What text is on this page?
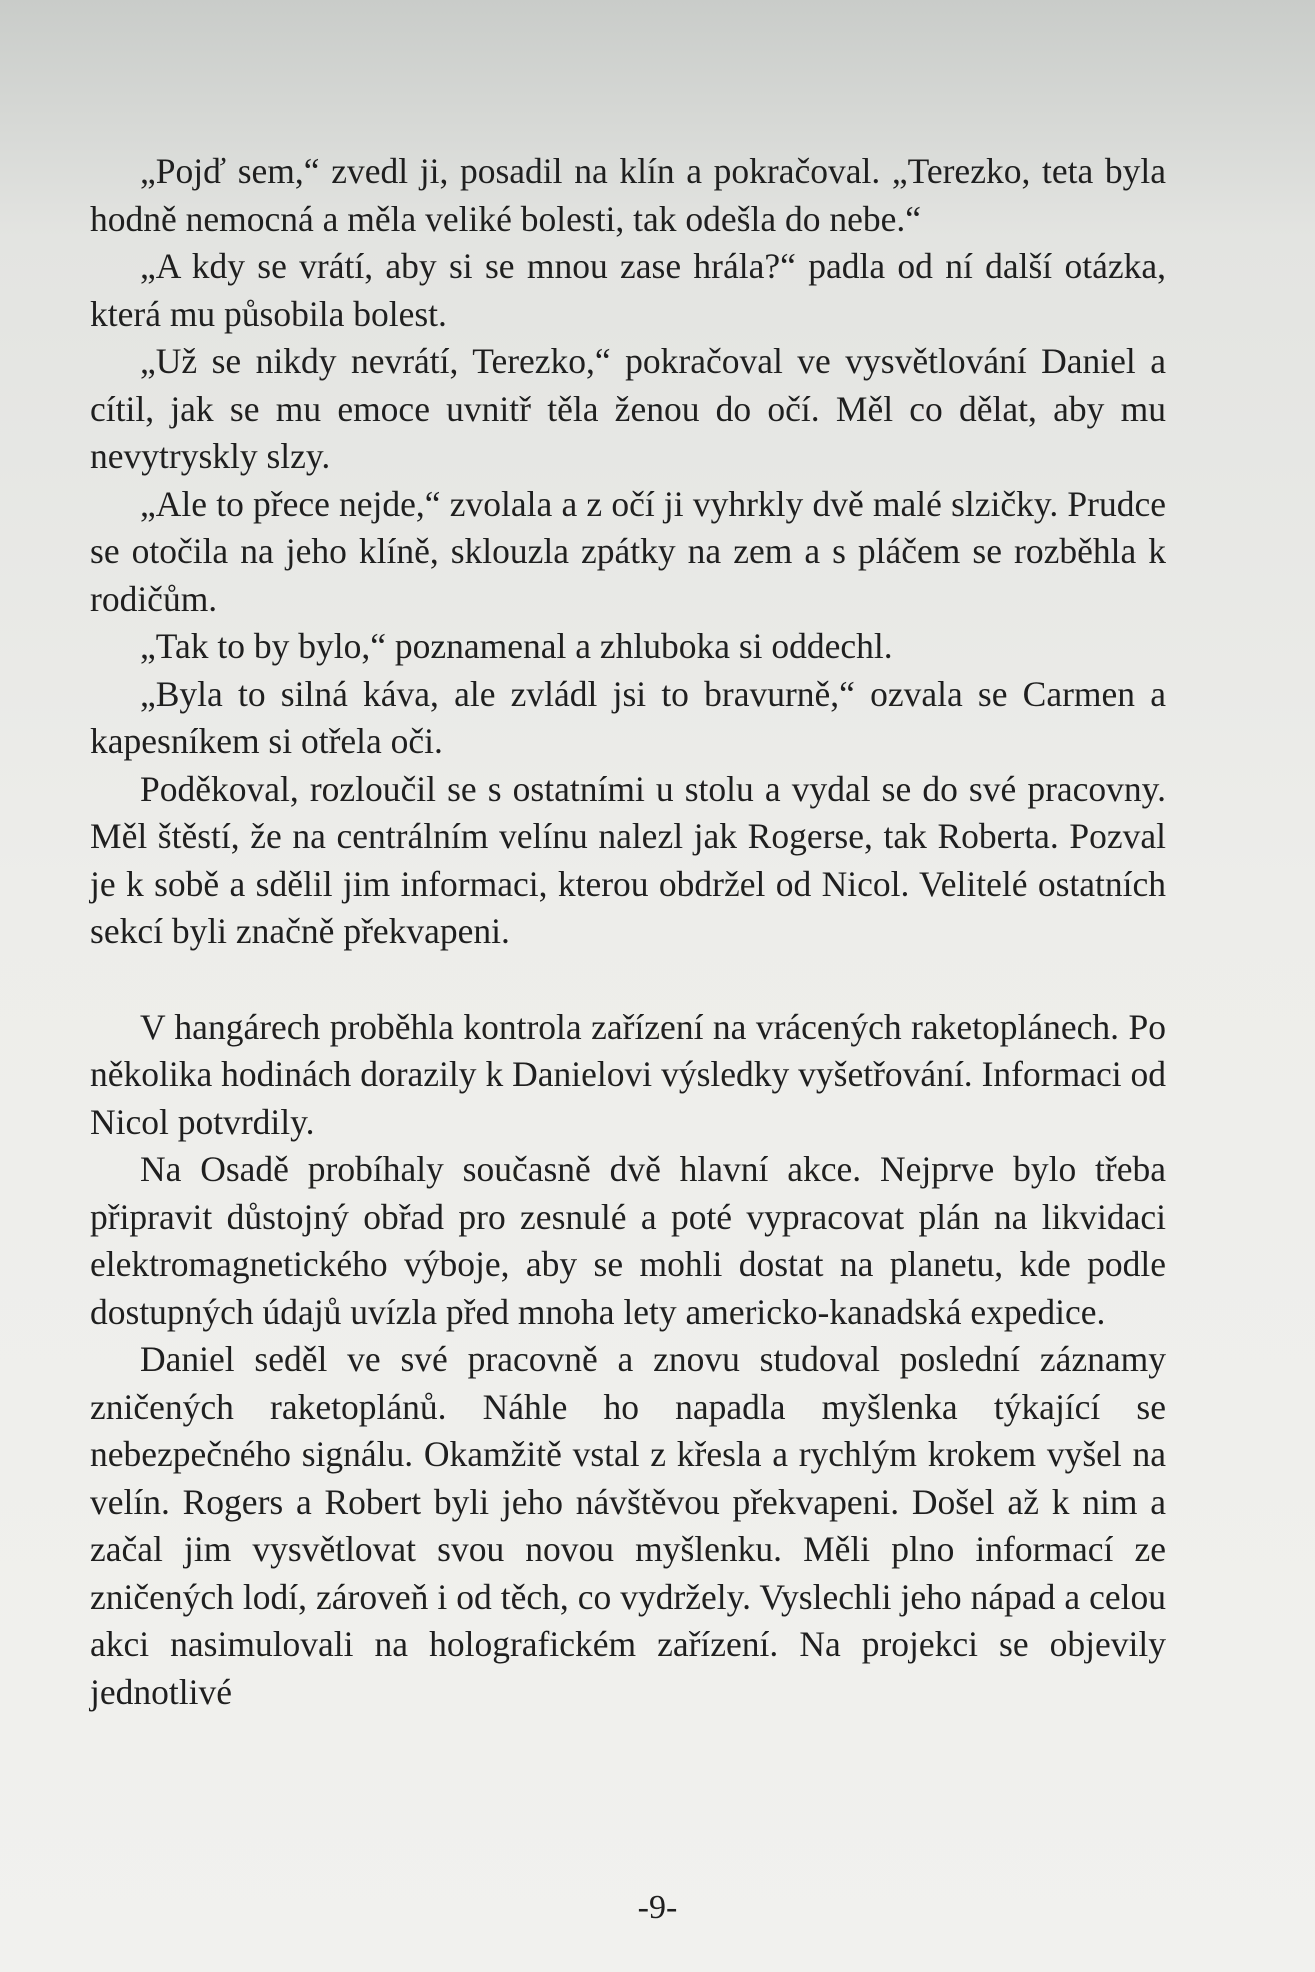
„Pojď sem,“ zvedl ji, posadil na klín a pokračoval. „Terezko, teta byla hodně nemocná a měla veliké bolesti, tak odešla do nebe.“

„A kdy se vrátí, aby si se mnou zase hrála?“ padla od ní další otázka, která mu působila bolest.

„Už se nikdy nevrátí, Terezko,“ pokračoval ve vysvětlování Daniel a cítil, jak se mu emoce uvnitř těla ženou do očí. Měl co dělat, aby mu nevytryskly slzy.

„Ale to přece nejde,“ zvolala a z očí ji vyhrkly dvě malé slzičky. Prudce se otočila na jeho klíně, sklouzla zpátky na zem a s pláčem se rozběhla k rodičům.

„Tak to by bylo,“ poznamenal a zhluboka si oddechl.

„Byla to silná káva, ale zvládl jsi to bravurně,“ ozvala se Carmen a kapesníkem si otřela oči.

Poděkoval, rozloučil se s ostatními u stolu a vydal se do své pracovny. Měl štěstí, že na centrálním velínu nalezl jak Rogerse, tak Roberta. Pozval je k sobě a sdělil jim informaci, kterou obdržel od Nicol. Velitelé ostatních sekcí byli značně překvapeni.

V hangárech proběhla kontrola zařízení na vrácených raketoplánech. Po několika hodinách dorazily k Danielovi výsledky vyšetřování. Informaci od Nicol potvrdily.

Na Osadě probíhaly současně dvě hlavní akce. Nejprve bylo třeba připravit důstojný obřad pro zesnulé a poté vypracovat plán na likvidaci elektromagnetického výboje, aby se mohli dostat na planetu, kde podle dostupných údajů uvízla před mnoha lety americko-kanadská expedice.

Daniel seděl ve své pracovně a znovu studoval poslední záznamy zničených raketoplánů. Náhle ho napadla myšlenka týkající se nebezpečného signálu. Okamžitě vstal z křesla a rychlým krokem vyšel na velín. Rogers a Robert byli jeho návštěvou překvapeni. Došel až k nim a začal jim vysvětlovat svou novou myšlenku. Měli plno informací ze zničených lodí, zároveň i od těch, co vydržely. Vyslechli jeho nápad a celou akci nasimulovali na holografickém zařízení. Na projekci se objevily jednotlivé

-9-
